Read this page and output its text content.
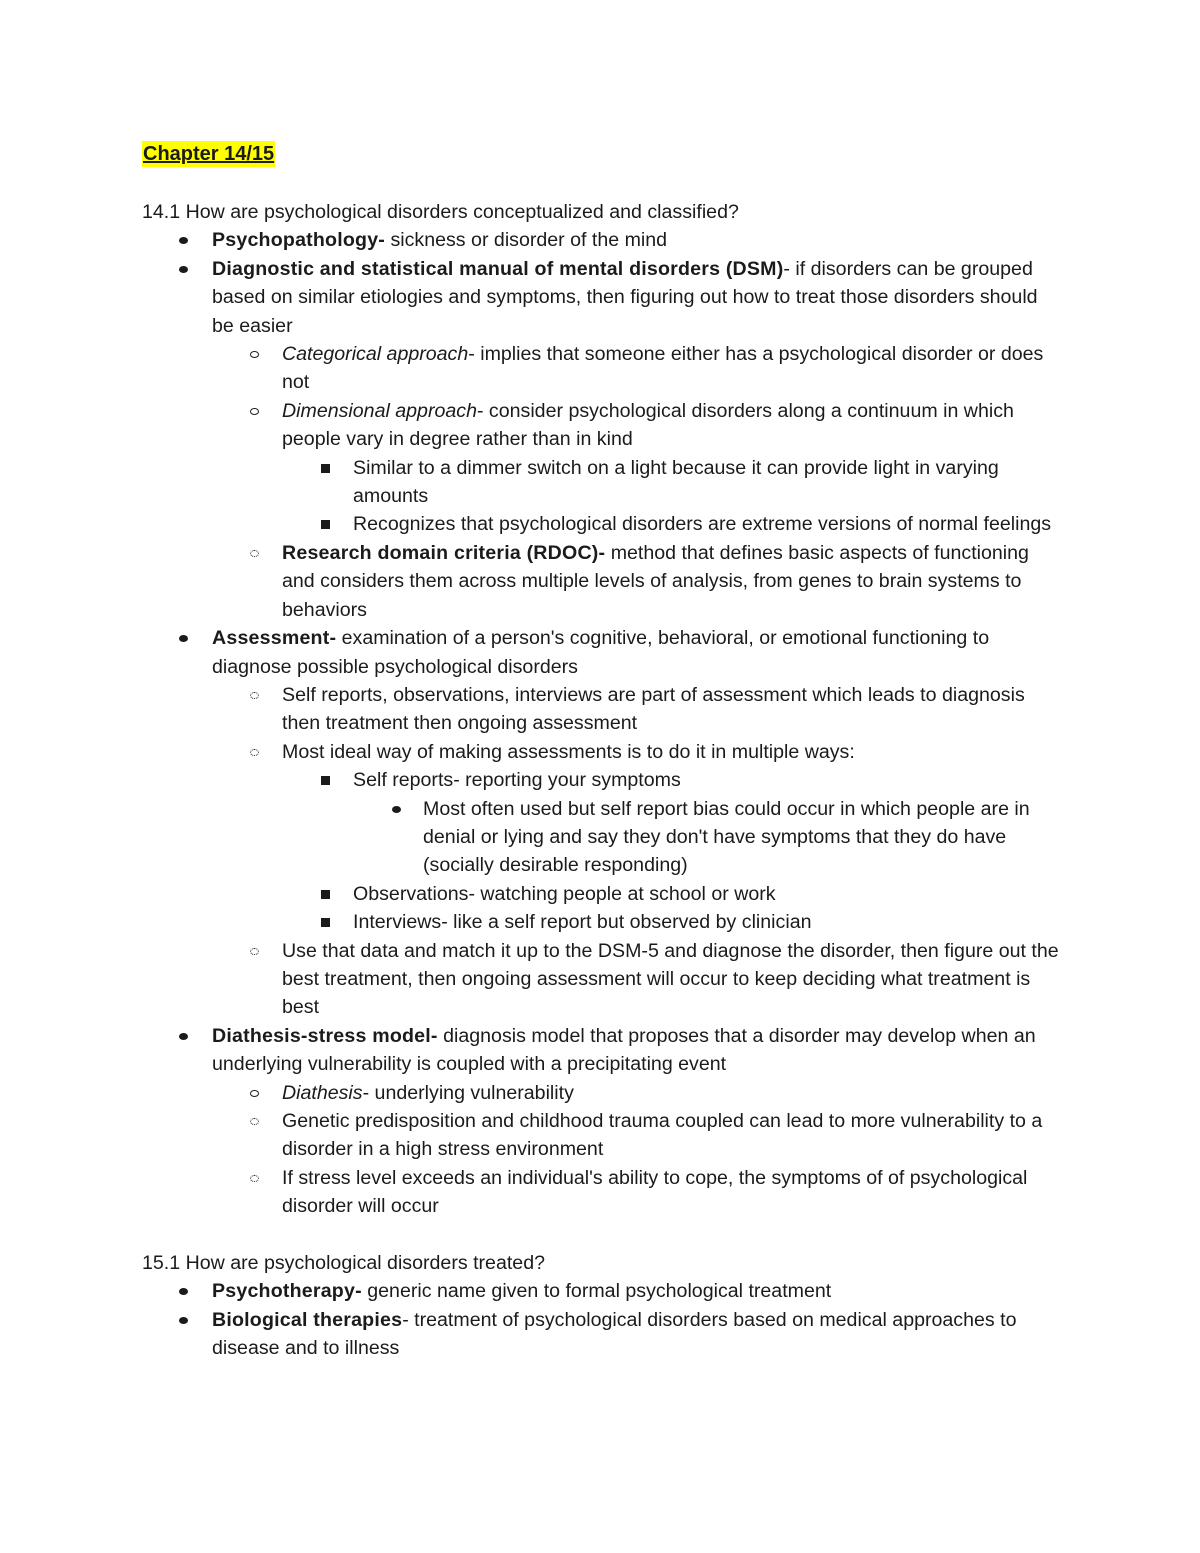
Chapter 14/15

14.1 How are psychological disorders conceptualized and classified?

Psychopathology- sickness or disorder of the mind
Diagnostic and statistical manual of mental disorders (DSM)- if disorders can be grouped based on similar etiologies and symptoms, then figuring out how to treat those disorders should be easier
Categorical approach- implies that someone either has a psychological disorder or does not
Dimensional approach- consider psychological disorders along a continuum in which people vary in degree rather than in kind
Similar to a dimmer switch on a light because it can provide light in varying amounts
Recognizes that psychological disorders are extreme versions of normal feelings
Research domain criteria (RDOC)- method that defines basic aspects of functioning and considers them across multiple levels of analysis, from genes to brain systems to behaviors
Assessment- examination of a person's cognitive, behavioral, or emotional functioning to diagnose possible psychological disorders
Self reports, observations, interviews are part of assessment which leads to diagnosis then treatment then ongoing assessment
Most ideal way of making assessments is to do it in multiple ways:
Self reports- reporting your symptoms
Most often used but self report bias could occur in which people are in denial or lying and say they don't have symptoms that they do have (socially desirable responding)
Observations- watching people at school or work
Interviews- like a self report but observed by clinician
Use that data and match it up to the DSM-5 and diagnose the disorder, then figure out the best treatment, then ongoing assessment will occur to keep deciding what treatment is best
Diathesis-stress model- diagnosis model that proposes that a disorder may develop when an underlying vulnerability is coupled with a precipitating event
Diathesis- underlying vulnerability
Genetic predisposition and childhood trauma coupled can lead to more vulnerability to a disorder in a high stress environment
If stress level exceeds an individual's ability to cope, the symptoms of of psychological disorder will occur

15.1 How are psychological disorders treated?

Psychotherapy- generic name given to formal psychological treatment
Biological therapies- treatment of psychological disorders based on medical approaches to disease and to illness
